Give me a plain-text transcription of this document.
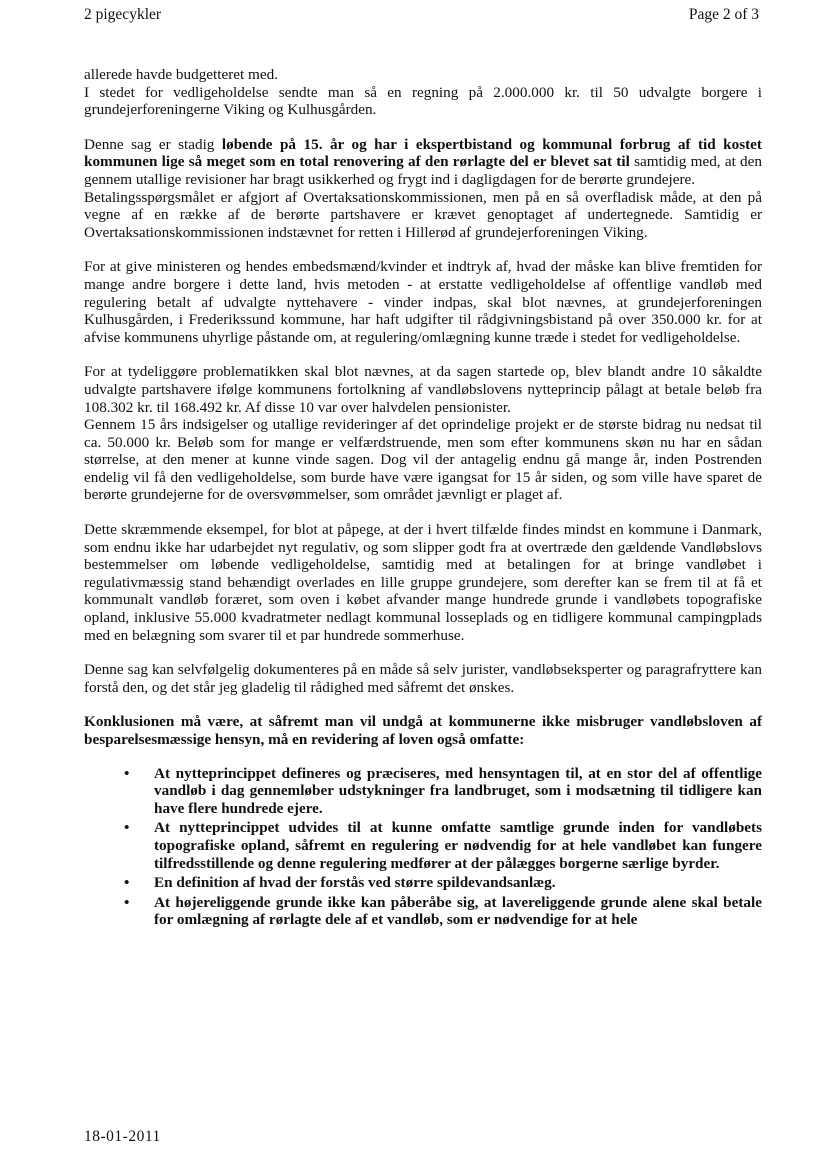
2 pigecykler	Page 2 of 3

allerede havde budgetteret med.

I stedet for vedligeholdelse sendte man så en regning på 2.000.000 kr. til 50 udvalgte borgere i grundejerforeningerne Viking og Kulhusgården.

Denne sag er stadig løbende på 15. år og har i ekspertbistand og kommunal forbrug af tid kostet kommunen lige så meget som en total renovering af den rørlagte del er blevet sat til samtidig med, at den gennem utallige revisioner har bragt usikkerhed og frygt ind i dagligdagen for de berørte grundejere.

Betalingsspørgsmålet er afgjort af Overtaksationskommissionen, men på en så overfladisk måde, at den på vegne af en række af de berørte partshavere er krævet genoptaget af undertegnede. Samtidig er Overtaksationskommissionen indstævnet for retten i Hillerød af grundejerforeningen Viking.

For at give ministeren og hendes embedsmænd/kvinder et indtryk af, hvad der måske kan blive fremtiden for mange andre borgere i dette land, hvis metoden - at erstatte vedligeholdelse af offentlige vandløb med regulering betalt af udvalgte nyttehavere - vinder indpas, skal blot nævnes, at grundejerforeningen Kulhusgården, i Frederikssund kommune, har haft udgifter til rådgivningsbistand på over 350.000 kr. for at afvise kommunens uhyrlige påstande om, at regulering/omlægning kunne træde i stedet for vedligeholdelse.

For at tydeliggøre problematikken skal blot nævnes, at da sagen startede op, blev blandt andre 10 såkaldte udvalgte partshavere ifølge kommunens fortolkning af vandløbslovens nytteprincip pålagt at betale beløb fra 108.302 kr. til 168.492 kr. Af disse 10 var over halvdelen pensionister.

Gennem 15 års indsigelser og utallige revideringer af det oprindelige projekt er de største bidrag nu nedsat til ca. 50.000 kr. Beløb som for mange er velfærdstruende, men som efter kommunens skøn nu har en sådan størrelse, at den mener at kunne vinde sagen. Dog vil der antagelig endnu gå mange år, inden Postrenden endelig vil få den vedligeholdelse, som burde have være igangsat for 15 år siden, og som ville have sparet de berørte grundejerne for de oversvømmelser, som området jævnligt er plaget af.

Dette skræmmende eksempel, for blot at påpege, at der i hvert tilfælde findes mindst en kommune i Danmark, som endnu ikke har udarbejdet nyt regulativ, og som slipper godt fra at overtræde den gældende Vandløbslovs bestemmelser om løbende vedligeholdelse, samtidig med at betalingen for at bringe vandløbet i regulativmæssig stand behændigt overlades en lille gruppe grundejere, som derefter kan se frem til at få et kommunalt vandløb foræret, som oven i købet afvander mange hundrede grunde i vandløbets topografiske opland, inklusive 55.000 kvadratmeter nedlagt kommunal losseplads og en tidligere kommunal campingplads med en belægning som svarer til et par hundrede sommerhuse.

Denne sag kan selvfølgelig dokumenteres på en måde så selv jurister, vandløbseksperter og paragrafryttere kan forstå den, og det står jeg gladelig til rådighed med såfremt det ønskes.

Konklusionen må være, at såfremt man vil undgå at kommunerne ikke misbruger vandløbsloven af besparelsesmæssige hensyn, må en revidering af loven også omfatte:

• At nytteprincippet defineres og præciseres, med hensyntagen til, at en stor del af offentlige vandløb i dag gennemløber udstykninger fra landbruget, som i modsætning til tidligere kan have flere hundrede ejere.
• At nytteprincippet udvides til at kunne omfatte samtlige grunde inden for vandløbets topografiske opland, såfremt en regulering er nødvendig for at hele vandløbet kan fungere tilfredsstillende og denne regulering medfører at der pålægges borgerne særlige byrder.
• En definition af hvad der forstås ved større spildevandsanlæg.
• At højereliggende grunde ikke kan påberåbe sig, at lavereliggende grunde alene skal betale for omlægning af rørlagte dele af et vandløb, som er nødvendige for at hele
18-01-2011
